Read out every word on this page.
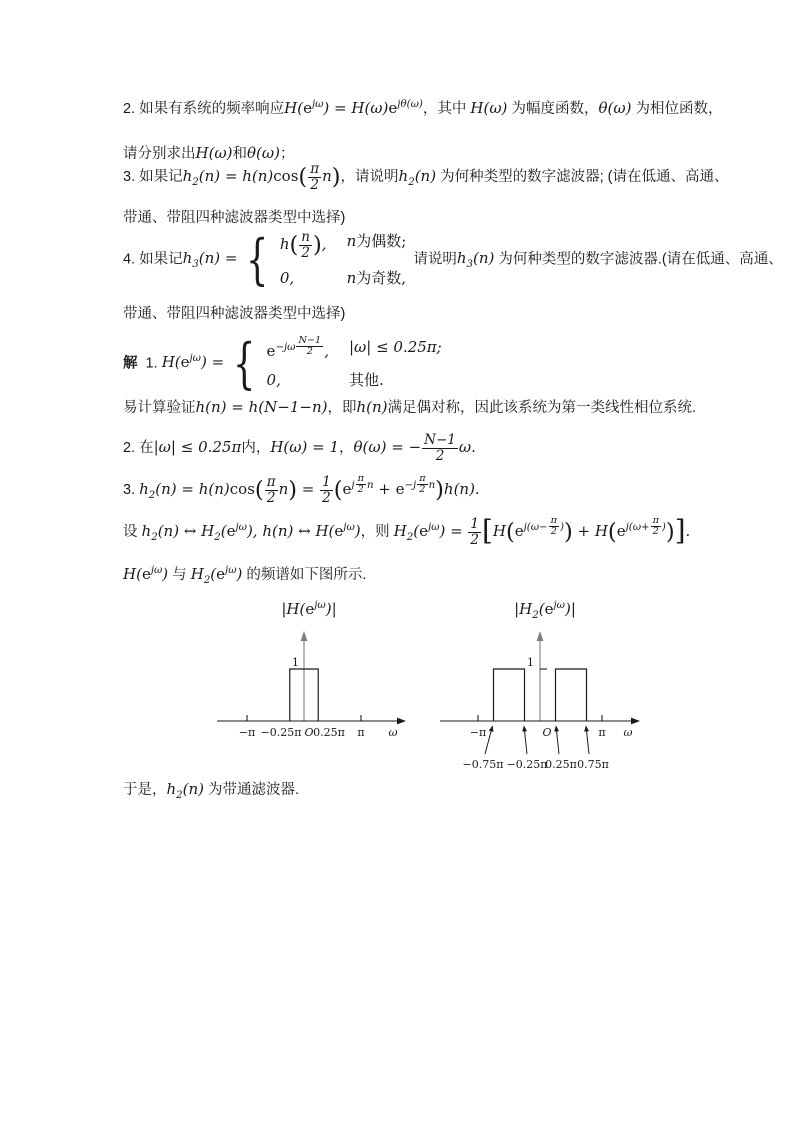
2. 如果有系统的频率响应$H(e^{j\omega}) = H(\omega)e^{j\theta(\omega)}$，其中 H(ω) 为幅度函数，θ(ω) 为相位函数，
请分别求出H(ω)和θ(ω)；
3. 如果记$h_2(n) = h(n)\cos( \frac{\pi}{2} n)$，请说明$h_2(n)$ 为何种类型的数字滤波器; (请在低通、高通、
带通、带阻四种滤波器类型中选择)
4. 如果记$h_3(n)$ = { $h( \frac{n}{2}$ ), n为偶数;
0,	n为奇数,
请说明$h_3(n)$ 为何种类型的数字滤波器.(请在低通、高通、
带通、带阻四种滤波器类型中选择)
解  1. $H(e^{j\omega})$ = { $e^{-j\omega \frac{N-1}{2}}$ , |ω| ≤ 0.25π;
0,	其他.
易计算验证h(n) = h(N−1−n)，即h(n)满足偶对称，因此该系统为第一类线性相位系统.
2. 在|ω| ≤ 0.25π内，H(ω) = 1，θ(ω) = − $\frac{N-1}{2} \omega$.
3. $h_2(n) = h(n)\cos( \frac{\pi}{2} n) = \frac{1}{2} (e^{j \frac{\pi}{2} n} + e^{-j \frac{\pi}{2} n})h(n)$.
设 $h_2(n)$ ↔ $H_2(e^{j\omega})$, h(n) ↔ $H(e^{j\omega})$，则 $H_2(e^{j\omega}) = \frac{1}{2} [H(e^{j(\omega- \frac{\pi}{2} )}) + H(e^{j(\omega+ \frac{\pi}{2} )})]$.
$H(e^{j\omega})$ 与 $H_2(e^{j\omega})$ 的频谱如下图所示.
$|H(e^{j\omega})|$
1
−π −0.25π O 0.25π π ω
$|H_2(e^{j\omega})|$
1
−π	O	π ω
−0.75π −0.25π
0.25π 0.75π
于是，$h_2(n)$ 为带通滤波器.
